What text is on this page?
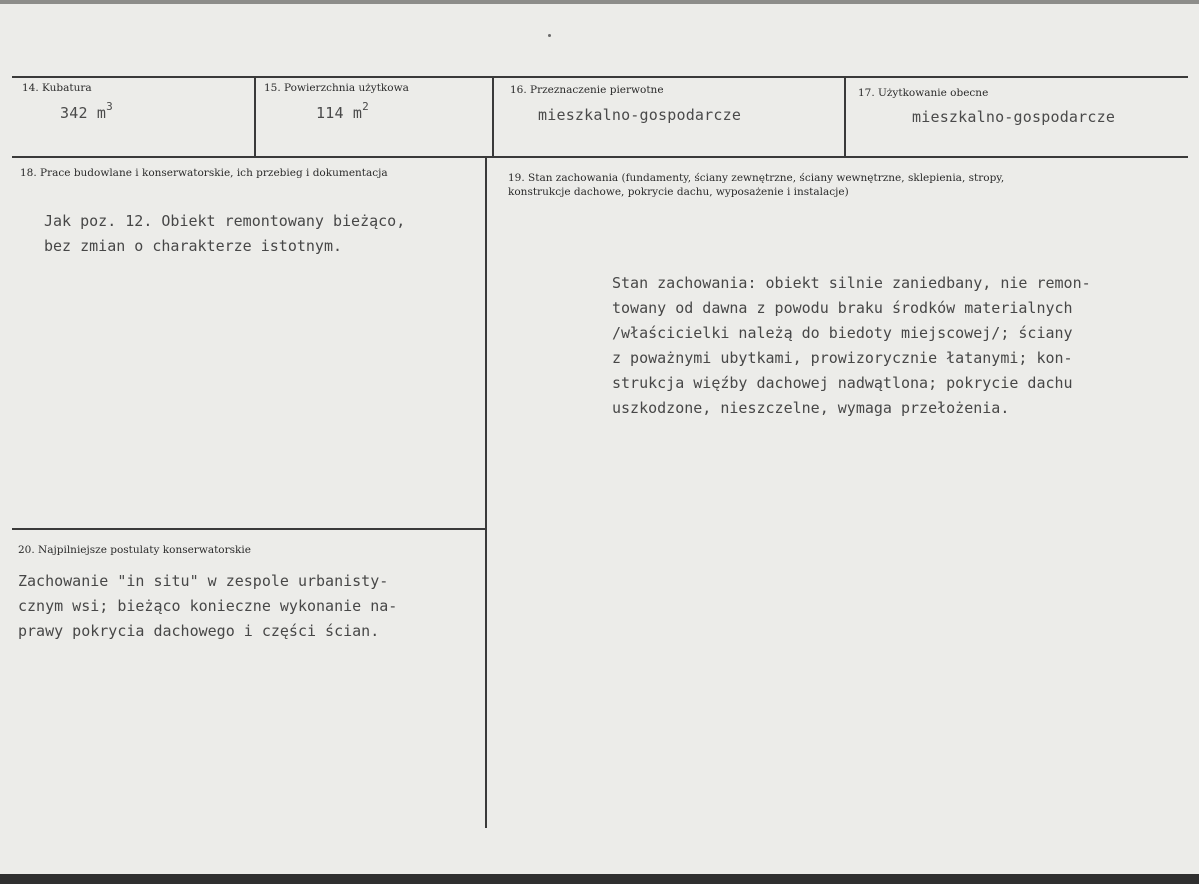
14. Kubatura
342 $m^3$
15. Powierzchnia użytkowa
114 $m^2$
16. Przeznaczenie pierwotne
mieszkalno-gospodarcze
17. Użytkowanie obecne
mieszkalno-gospodarcze
18. Prace budowlane i konserwatorskie, ich przebieg i dokumentacja
Jak poz. 12. Obiekt remontowany bieżąco,
bez zmian o charakterze istotnym.
19. Stan zachowania (fundamenty, ściany zewnętrzne, ściany wewnętrzne, sklepienia, stropy,
konstrukcje dachowe, pokrycie dachu, wyposażenie i instalacje)
Stan zachowania: obiekt silnie zaniedbany, nie remon-
towany od dawna z powodu braku środków materialnych
/właścicielki należą do biedoty miejscowej/; ściany
z poważnymi ubytkami, prowizorycznie łatanymi; kon-
strukcja więźby dachowej nadwątlona; pokrycie dachu
uszkodzone, nieszczelne, wymaga przełożenia.
20. Najpilniejsze postulaty konserwatorskie
Zachowanie "in situ" w zespole urbanisty-
cznym wsi; bieżąco konieczne wykonanie na-
prawy pokrycia dachowego i części ścian.
